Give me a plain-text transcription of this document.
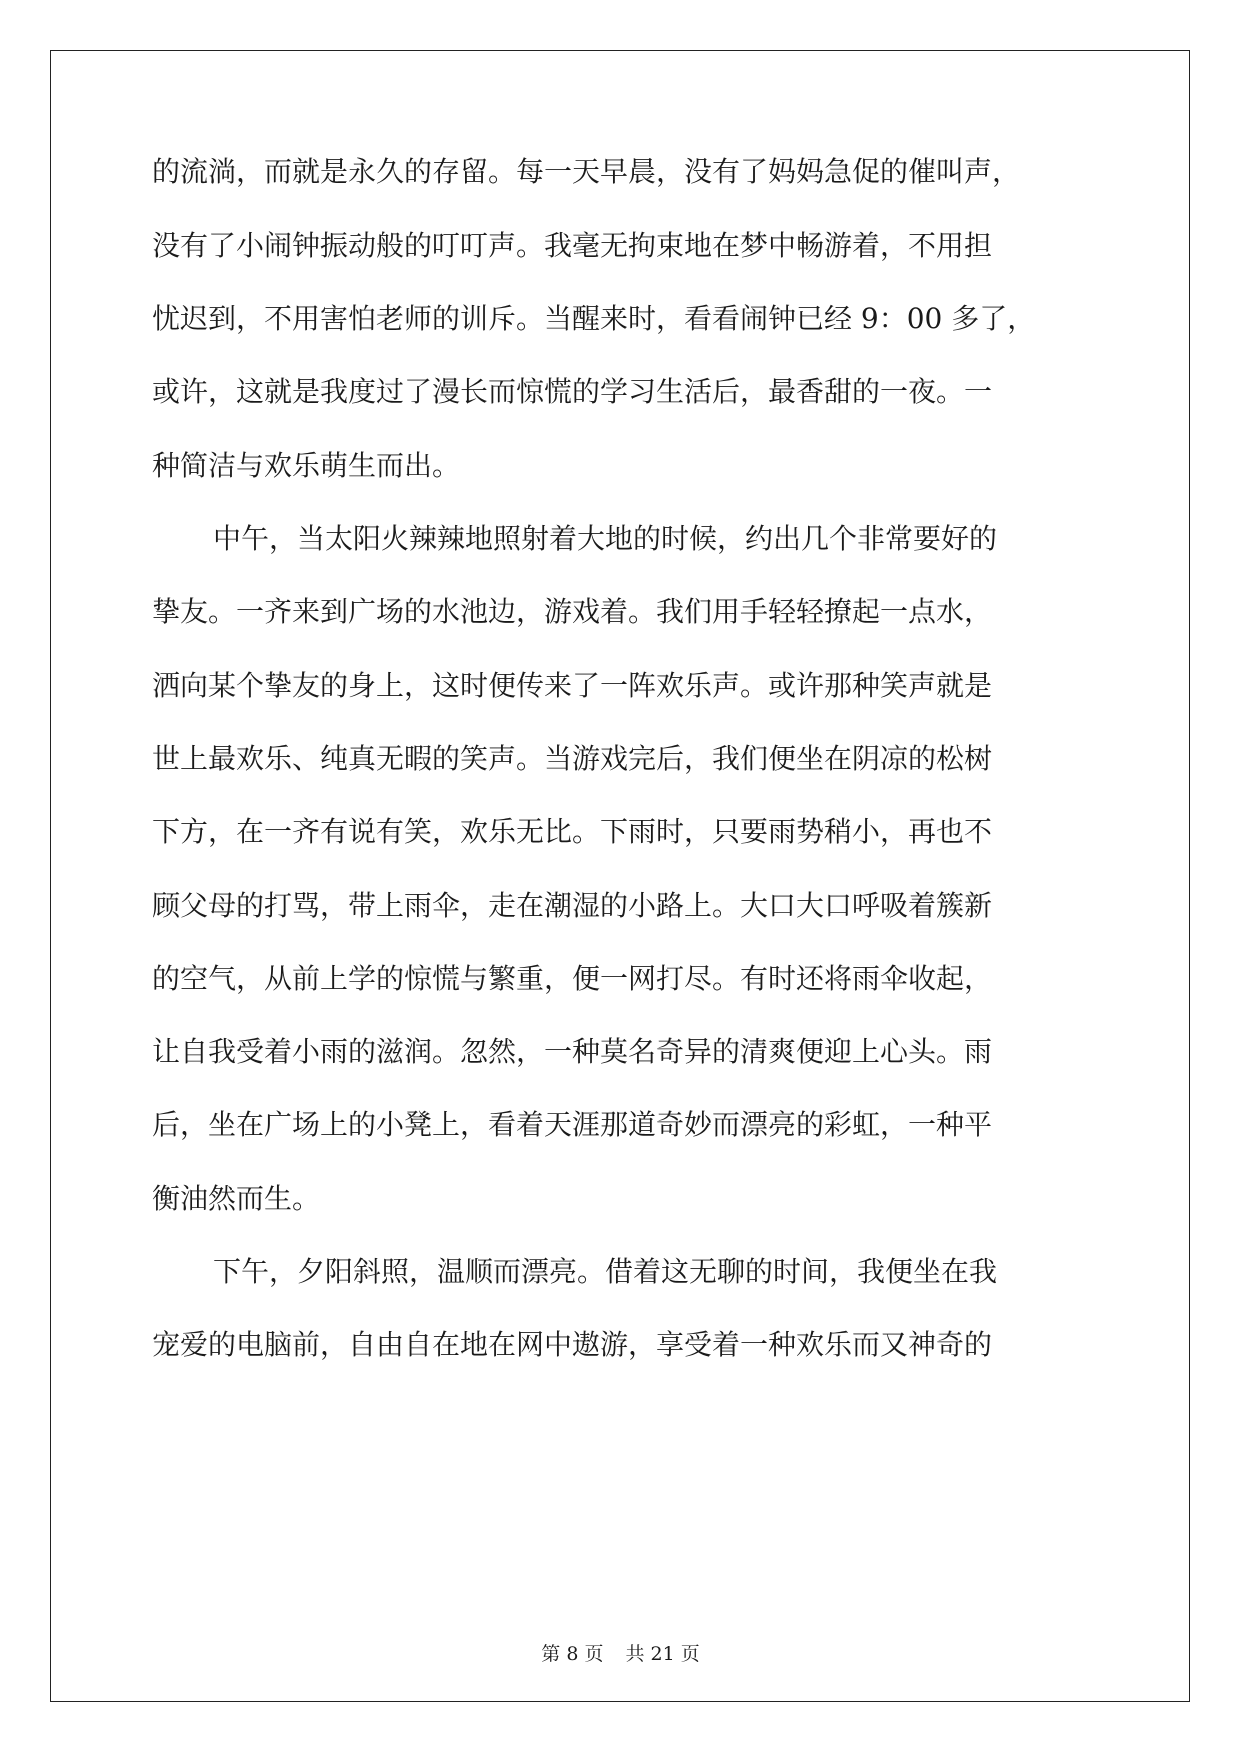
的流淌，而就是永久的存留。每一天早晨，没有了妈妈急促的催叫声，
没有了小闹钟振动般的叮叮声。我毫无拘束地在梦中畅游着，不用担
忧迟到，不用害怕老师的训斥。当醒来时，看看闹钟已经 9：00 多了，
或许，这就是我度过了漫长而惊慌的学习生活后，最香甜的一夜。一
种简洁与欢乐萌生而出。
中午，当太阳火辣辣地照射着大地的时候，约出几个非常要好的
挚友。一齐来到广场的水池边，游戏着。我们用手轻轻撩起一点水，
洒向某个挚友的身上，这时便传来了一阵欢乐声。或许那种笑声就是
世上最欢乐、纯真无暇的笑声。当游戏完后，我们便坐在阴凉的松树
下方，在一齐有说有笑，欢乐无比。下雨时，只要雨势稍小，再也不
顾父母的打骂，带上雨伞，走在潮湿的小路上。大口大口呼吸着簇新
的空气，从前上学的惊慌与繁重，便一网打尽。有时还将雨伞收起，
让自我受着小雨的滋润。忽然，一种莫名奇异的清爽便迎上心头。雨
后，坐在广场上的小凳上，看着天涯那道奇妙而漂亮的彩虹，一种平
衡油然而生。
下午，夕阳斜照，温顺而漂亮。借着这无聊的时间，我便坐在我
宠爱的电脑前，自由自在地在网中遨游，享受着一种欢乐而又神奇的
第 8 页 共 21 页
